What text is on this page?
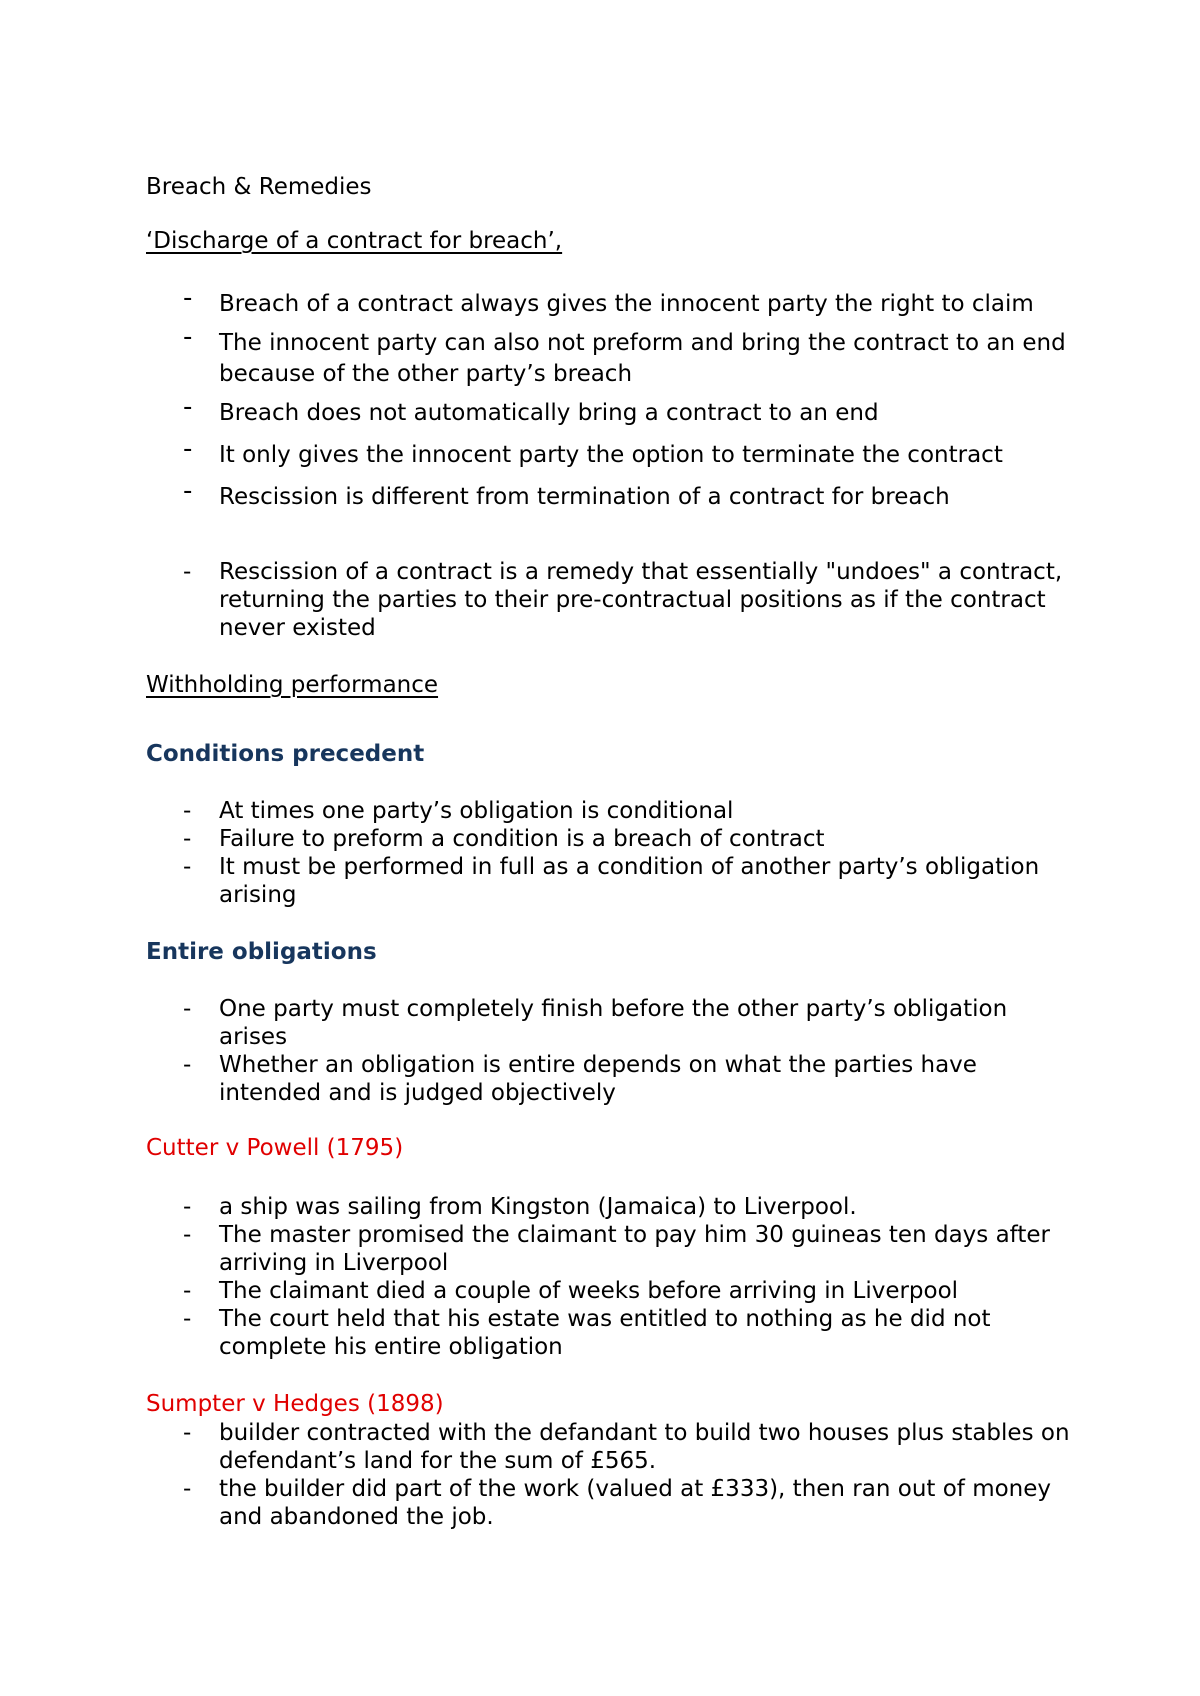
Breach & Remedies

‘Discharge of a contract for breach’,

- Breach of a contract always gives the innocent party the right to claim
- The innocent party can also not preform and bring the contract to an end because of the other party’s breach
- Breach does not automatically bring a contract to an end
- It only gives the innocent party the option to terminate the contract
- Rescission is different from termination of a contract for breach
- Rescission of a contract is a remedy that essentially "undoes" a contract, returning the parties to their pre-contractual positions as if the contract never existed

Withholding performance

Conditions precedent
- At times one party’s obligation is conditional
- Failure to preform a condition is a breach of contract
- It must be performed in full as a condition of another party’s obligation arising
Entire obligations
- One party must completely finish before the other party’s obligation arises
- Whether an obligation is entire depends on what the parties have intended and is judged objectively
Cutter v Powell (1795)
- a ship was sailing from Kingston (Jamaica) to Liverpool.
- The master promised the claimant to pay him 30 guineas ten days after arriving in Liverpool
- The claimant died a couple of weeks before arriving in Liverpool
- The court held that his estate was entitled to nothing as he did not complete his entire obligation
Sumpter v Hedges (1898)
- builder contracted with the defandant to build two houses plus stables on defendant’s land for the sum of £565.
- the builder did part of the work (valued at £333), then ran out of money and abandoned the job.
